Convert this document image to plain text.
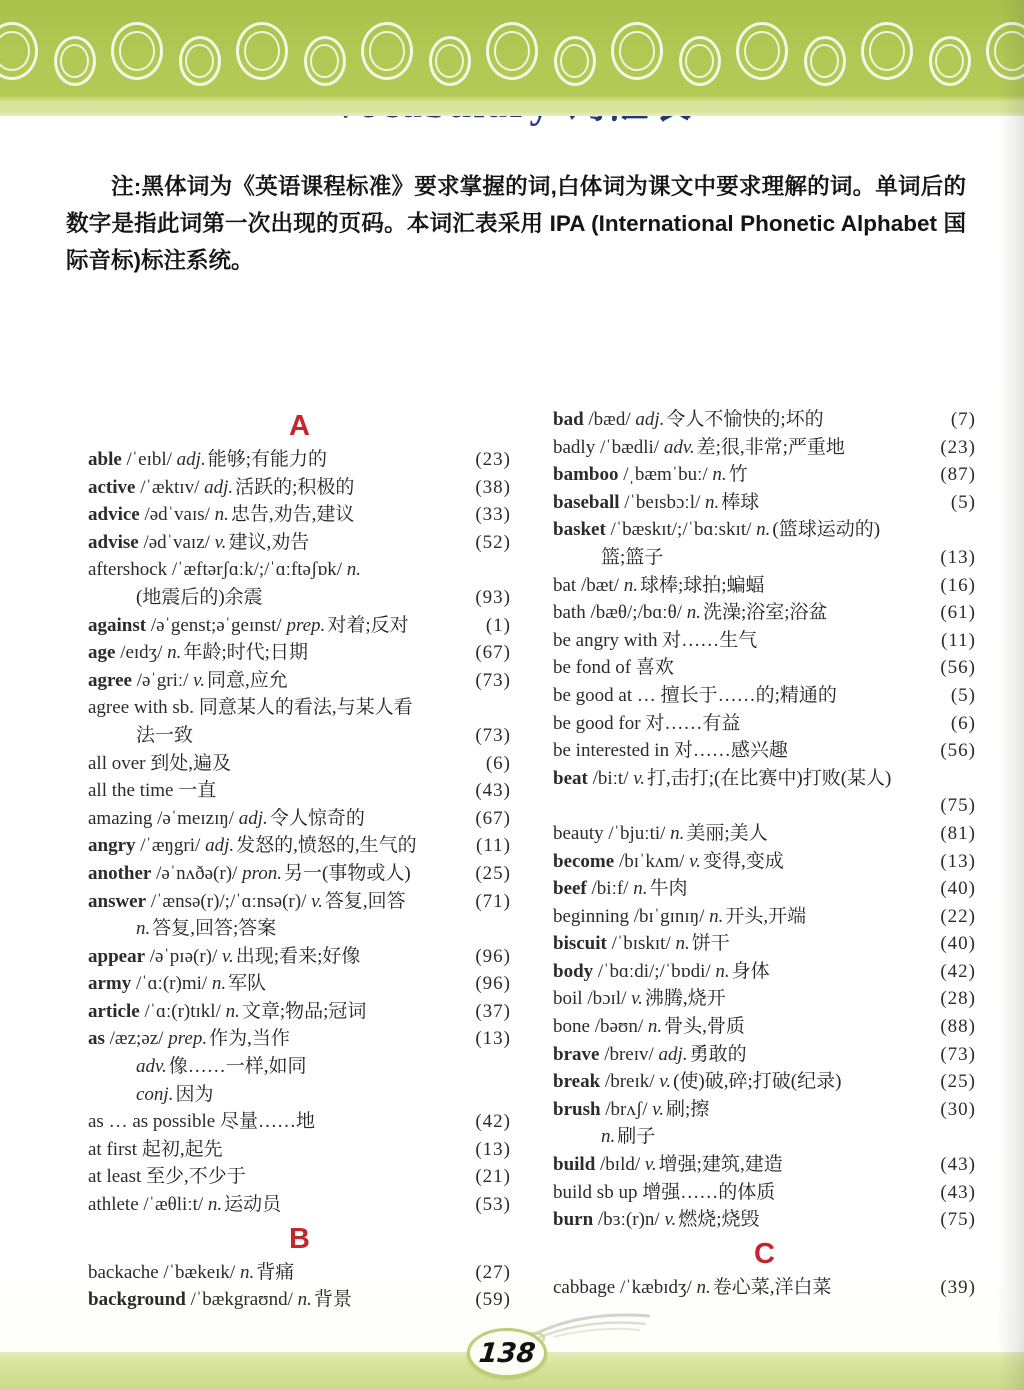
注:黑体词为《英语课程标准》要求掌握的词,白体词为课文中要求理解的词。单词后的数字是指此词第一次出现的页码。本词汇表采用 IPA (International Phonetic Alphabet 国际音标)标注系统。

A
able /ˈeɪbl/ adj. 能够;有能力的	(23)
active /ˈæktɪv/ adj. 活跃的;积极的	(38)
advice /ədˈvaɪs/ n. 忠告,劝告,建议	(33)
advise /ədˈvaɪz/ v. 建议,劝告	(52)
aftershock /ˈæftərʃɑːk/;/ˈɑːftəʃɒk/ n.
(地震后的)余震	(93)
against /əˈgenst;əˈgeɪnst/ prep. 对着;反对	(1)
age /eɪdʒ/ n. 年龄;时代;日期	(67)
agree /əˈgriː/ v. 同意,应允	(73)
agree with sb. 同意某人的看法,与某人看
法一致	(73)
all over 到处,遍及	(6)
all the time 一直	(43)
amazing /əˈmeɪzɪŋ/ adj. 令人惊奇的	(67)
angry /ˈæŋgri/ adj. 发怒的,愤怒的,生气的	(11)
another /əˈnʌðə(r)/ pron. 另一(事物或人)	(25)
answer /ˈænsə(r)/;/ˈɑːnsə(r)/ v. 答复,回答	(71)
n. 答复,回答;答案
appear /əˈpɪə(r)/ v. 出现;看来;好像	(96)
army /ˈɑː(r)mi/ n. 军队	(96)
article /ˈɑː(r)tɪkl/ n. 文章;物品;冠词	(37)
as /æz;əz/ prep. 作为,当作	(13)
adv. 像……一样,如同
conj. 因为
as … as possible 尽量……地	(42)
at first 起初,起先	(13)
at least 至少,不少于	(21)
athlete /ˈæθliːt/ n. 运动员	(53)
B
backache /ˈbækeɪk/ n. 背痛	(27)
background /ˈbækgraʊnd/ n. 背景	(59)
bad /bæd/ adj. 令人不愉快的;坏的	(7)
badly /ˈbædli/ adv. 差;很,非常;严重地	(23)
bamboo /ˌbæmˈbuː/ n. 竹	(87)
baseball /ˈbeɪsbɔːl/ n. 棒球	(5)
basket /ˈbæskɪt/;/ˈbɑːskɪt/ n. (篮球运动的)
篮;篮子	(13)
bat /bæt/ n. 球棒;球拍;蝙蝠	(16)
bath /bæθ/;/bɑːθ/ n. 洗澡;浴室;浴盆	(61)
be angry with 对……生气	(11)
be fond of 喜欢	(56)
be good at … 擅长于……的;精通的	(5)
be good for 对……有益	(6)
be interested in 对……感兴趣	(56)
beat /biːt/ v. 打,击打;(在比赛中)打败(某人)
(75)
beauty /ˈbjuːti/ n. 美丽;美人	(81)
become /bɪˈkʌm/ v. 变得,变成	(13)
beef /biːf/ n. 牛肉	(40)
beginning /bɪˈgɪnɪŋ/ n. 开头,开端	(22)
biscuit /ˈbɪskɪt/ n. 饼干	(40)
body /ˈbɑːdi/;/ˈbɒdi/ n. 身体	(42)
boil /bɔɪl/ v. 沸腾,烧开	(28)
bone /bəʊn/ n. 骨头,骨质	(88)
brave /breɪv/ adj. 勇敢的	(73)
break /breɪk/ v. (使)破,碎;打破(纪录)	(25)
brush /brʌʃ/ v. 刷;擦	(30)
n. 刷子
build /bɪld/ v. 增强;建筑,建造	(43)
build sb up 增强……的体质	(43)
burn /bɜː(r)n/ v. 燃烧;烧毁	(75)
C
cabbage /ˈkæbɪdʒ/ n. 卷心菜,洋白菜	(39)
138
